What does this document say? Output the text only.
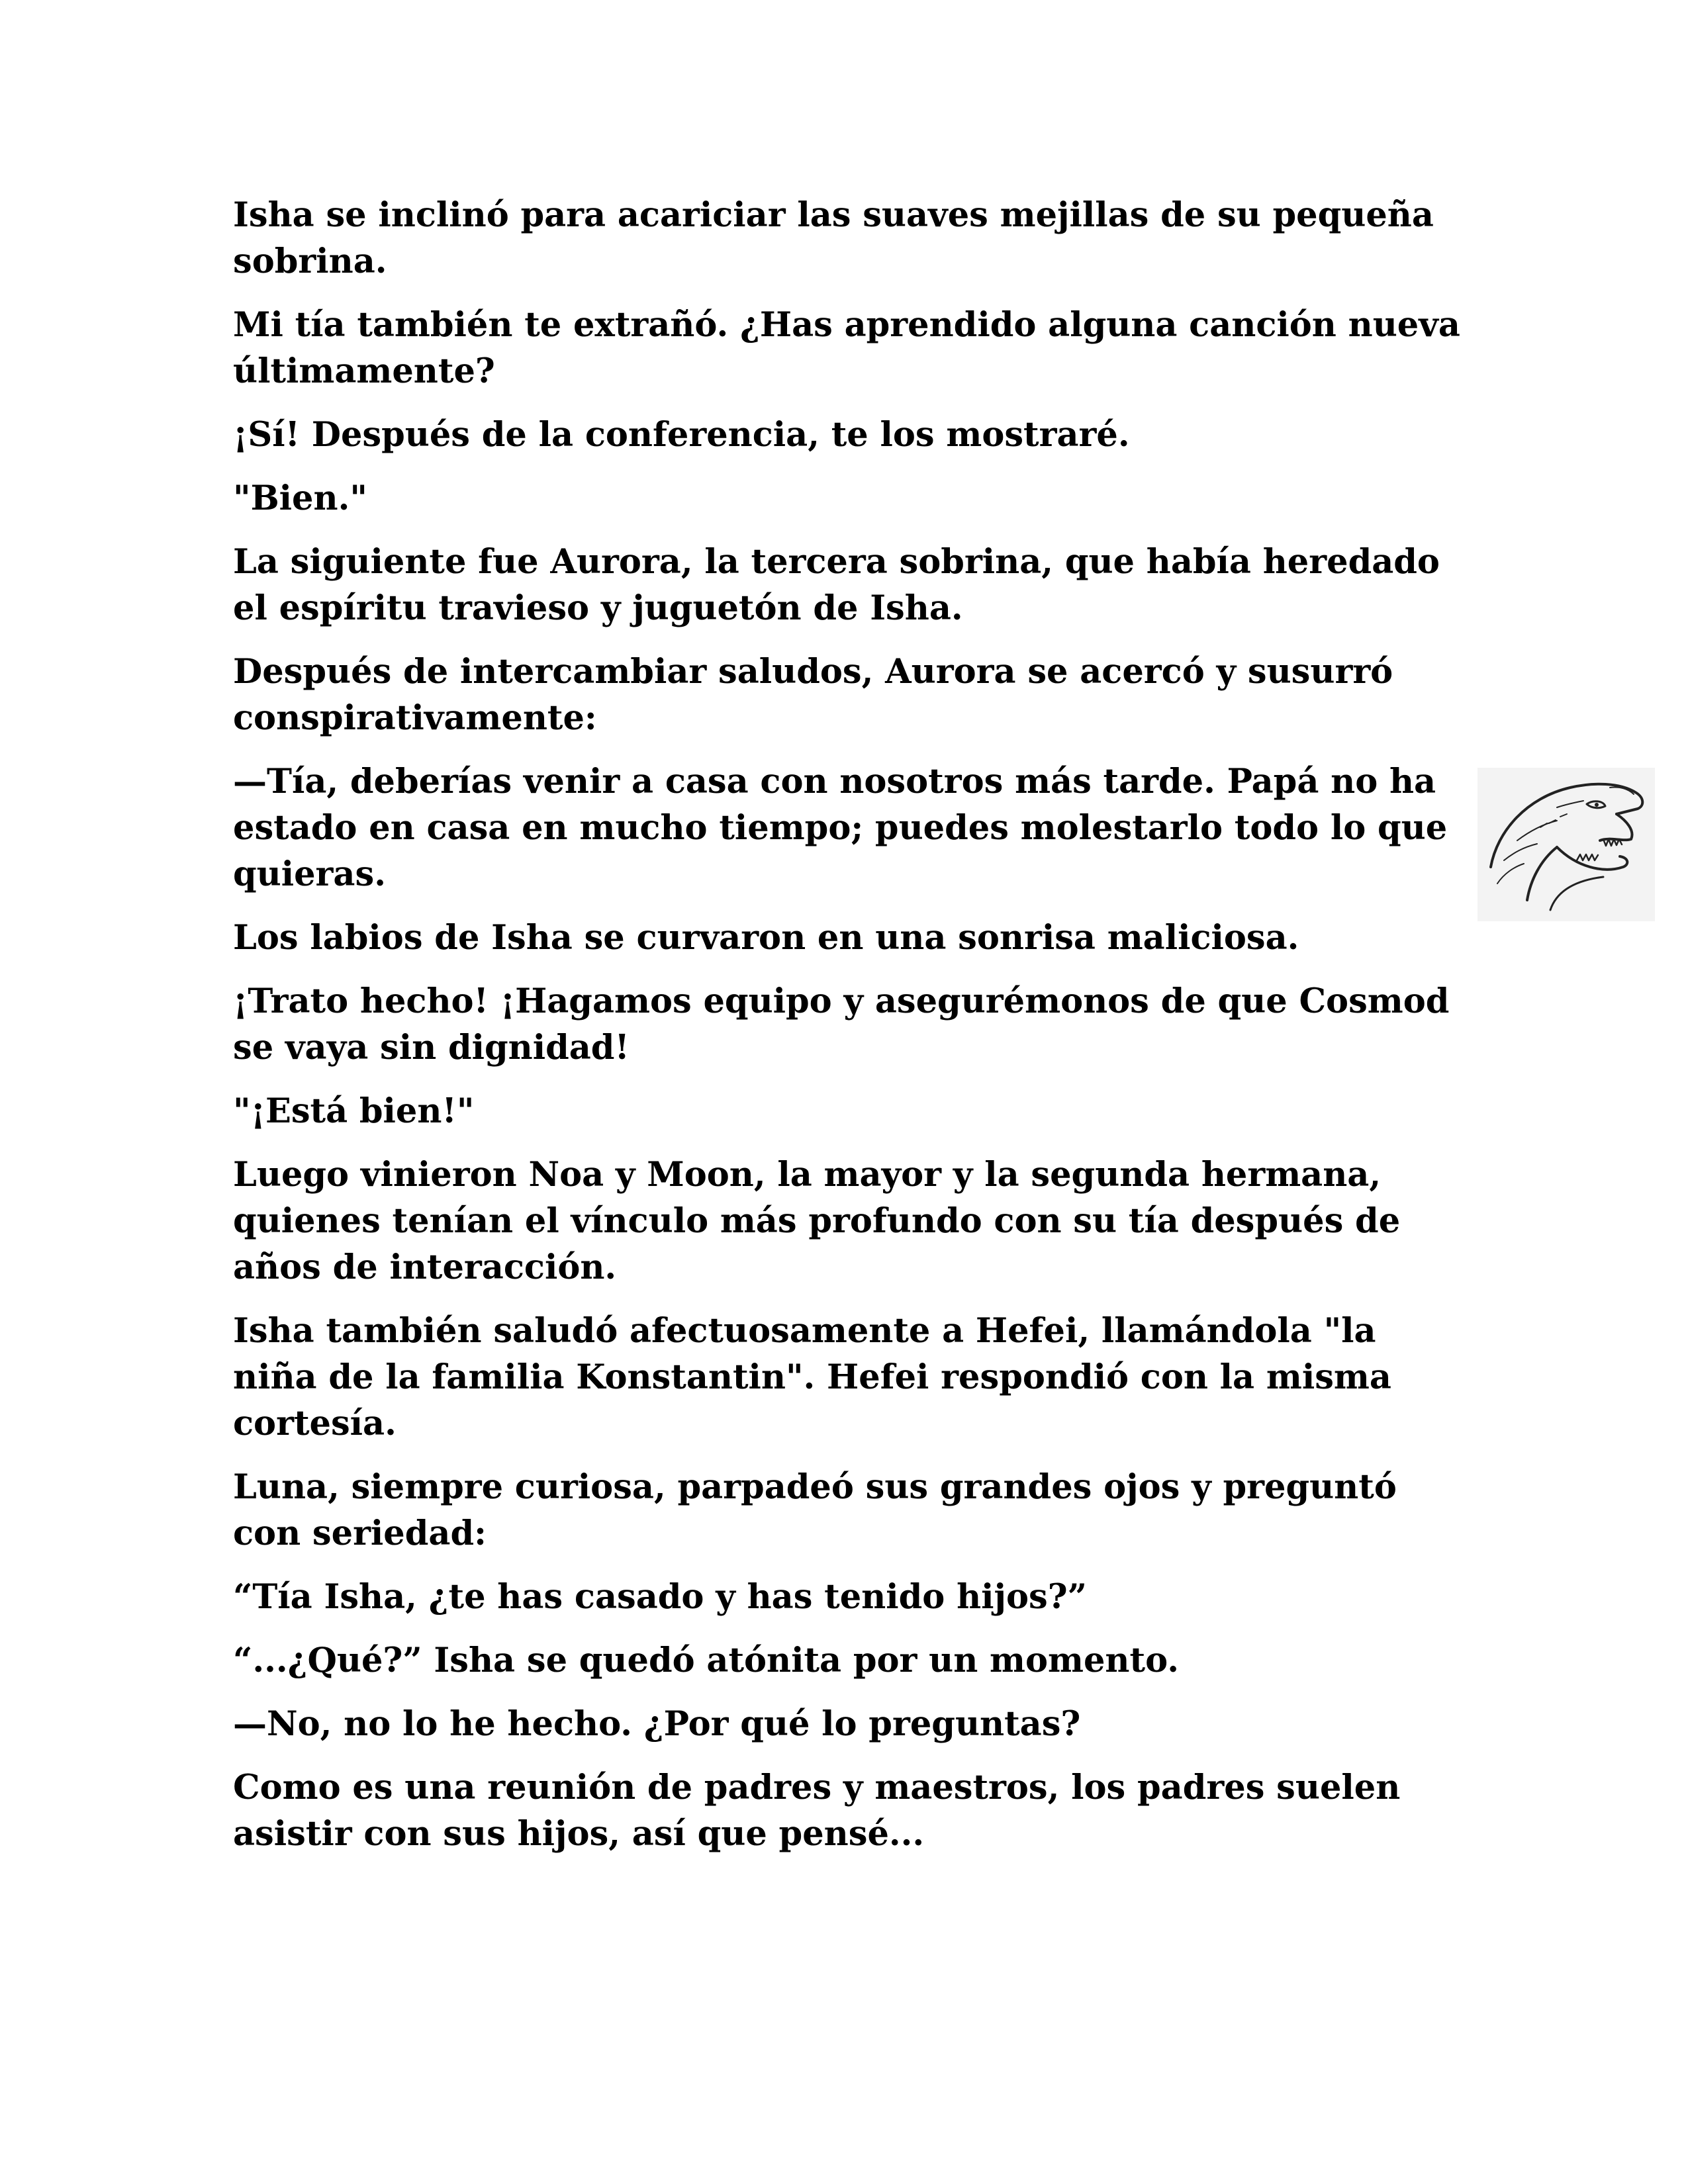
Isha se inclinó para acariciar las suaves mejillas de su pequeña sobrina.

Mi tía también te extrañó. ¿Has aprendido alguna canción nueva últimamente?

¡Sí! Después de la conferencia, te los mostraré.

"Bien."

La siguiente fue Aurora, la tercera sobrina, que había heredado el espíritu travieso y juguetón de Isha.

Después de intercambiar saludos, Aurora se acercó y susurró conspirativamente:

—Tía, deberías venir a casa con nosotros más tarde. Papá no ha estado en casa en mucho tiempo; puedes molestarlo todo lo que quieras.

Los labios de Isha se curvaron en una sonrisa maliciosa.

¡Trato hecho! ¡Hagamos equipo y asegurémonos de que Cosmod se vaya sin dignidad!

"¡Está bien!"

Luego vinieron Noa y Moon, la mayor y la segunda hermana, quienes tenían el vínculo más profundo con su tía después de años de interacción.

Isha también saludó afectuosamente a Hefei, llamándola "la niña de la familia Konstantin". Hefei respondió con la misma cortesía.

Luna, siempre curiosa, parpadeó sus grandes ojos y preguntó con seriedad:

“Tía Isha, ¿te has casado y has tenido hijos?”

“...¿Qué?” Isha se quedó atónita por un momento.

—No, no lo he hecho. ¿Por qué lo preguntas?

Como es una reunión de padres y maestros, los padres suelen asistir con sus hijos, así que pensé...
